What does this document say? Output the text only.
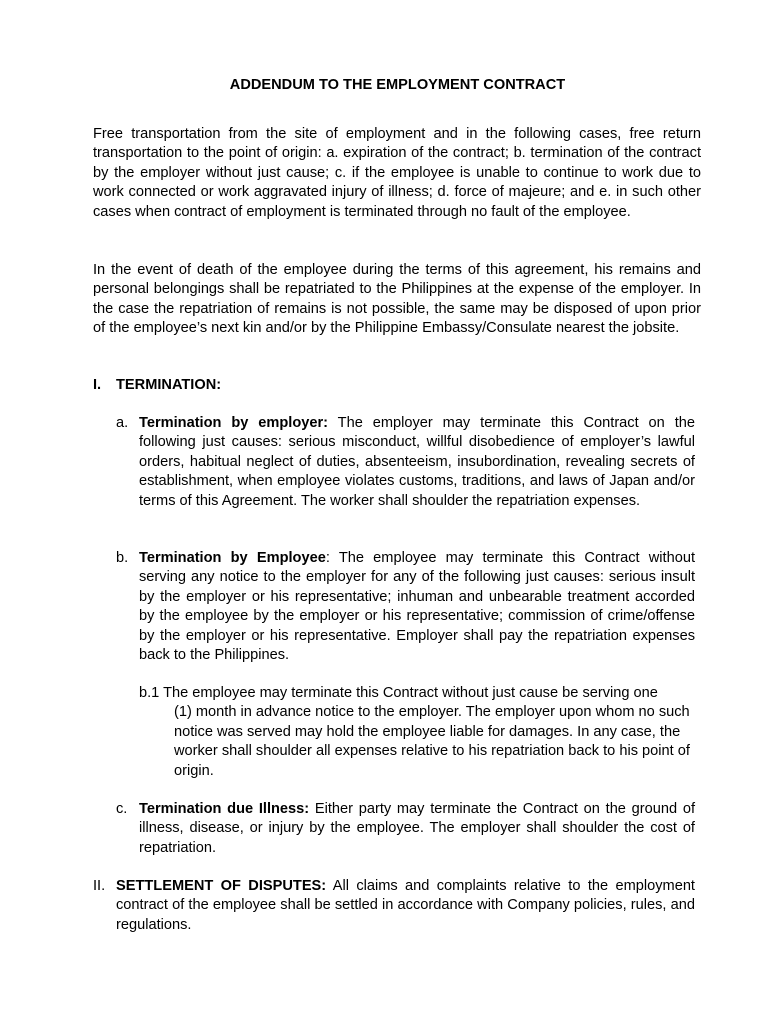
ADDENDUM TO THE EMPLOYMENT CONTRACT
Free transportation from the site of employment and in the following cases, free return transportation to the point of origin: a. expiration of the contract; b. termination of the contract by the employer without just cause; c. if the employee is unable to continue to work due to work connected or work aggravated injury of illness; d. force of majeure; and e. in such other cases when contract of employment is terminated through no fault of the employee.
In the event of death of the employee during the terms of this agreement, his remains and personal belongings shall be repatriated to the Philippines at the expense of the employer. In the case the repatriation of remains is not possible, the same may be disposed of upon prior of the employee’s next kin and/or by the Philippine Embassy/Consulate nearest the jobsite.
I. TERMINATION:
a. Termination by employer: The employer may terminate this Contract on the following just causes: serious misconduct, willful disobedience of employer’s lawful orders, habitual neglect of duties, absenteeism, insubordination, revealing secrets of establishment, when employee violates customs, traditions, and laws of Japan and/or terms of this Agreement. The worker shall shoulder the repatriation expenses.
b. Termination by Employee: The employee may terminate this Contract without serving any notice to the employer for any of the following just causes: serious insult by the employer or his representative; inhuman and unbearable treatment accorded by the employee by the employer or his representative; commission of crime/offense by the employer or his representative. Employer shall pay the repatriation expenses back to the Philippines.
b.1 The employee may terminate this Contract without just cause be serving one
(1) month in advance notice to the employer. The employer upon whom no such notice was served may hold the employee liable for damages. In any case, the worker shall shoulder all expenses relative to his repatriation back to his point of origin.
c. Termination due Illness: Either party may terminate the Contract on the ground of illness, disease, or injury by the employee. The employer shall shoulder the cost of repatriation.
II. SETTLEMENT OF DISPUTES: All claims and complaints relative to the employment contract of the employee shall be settled in accordance with Company policies, rules, and regulations.
